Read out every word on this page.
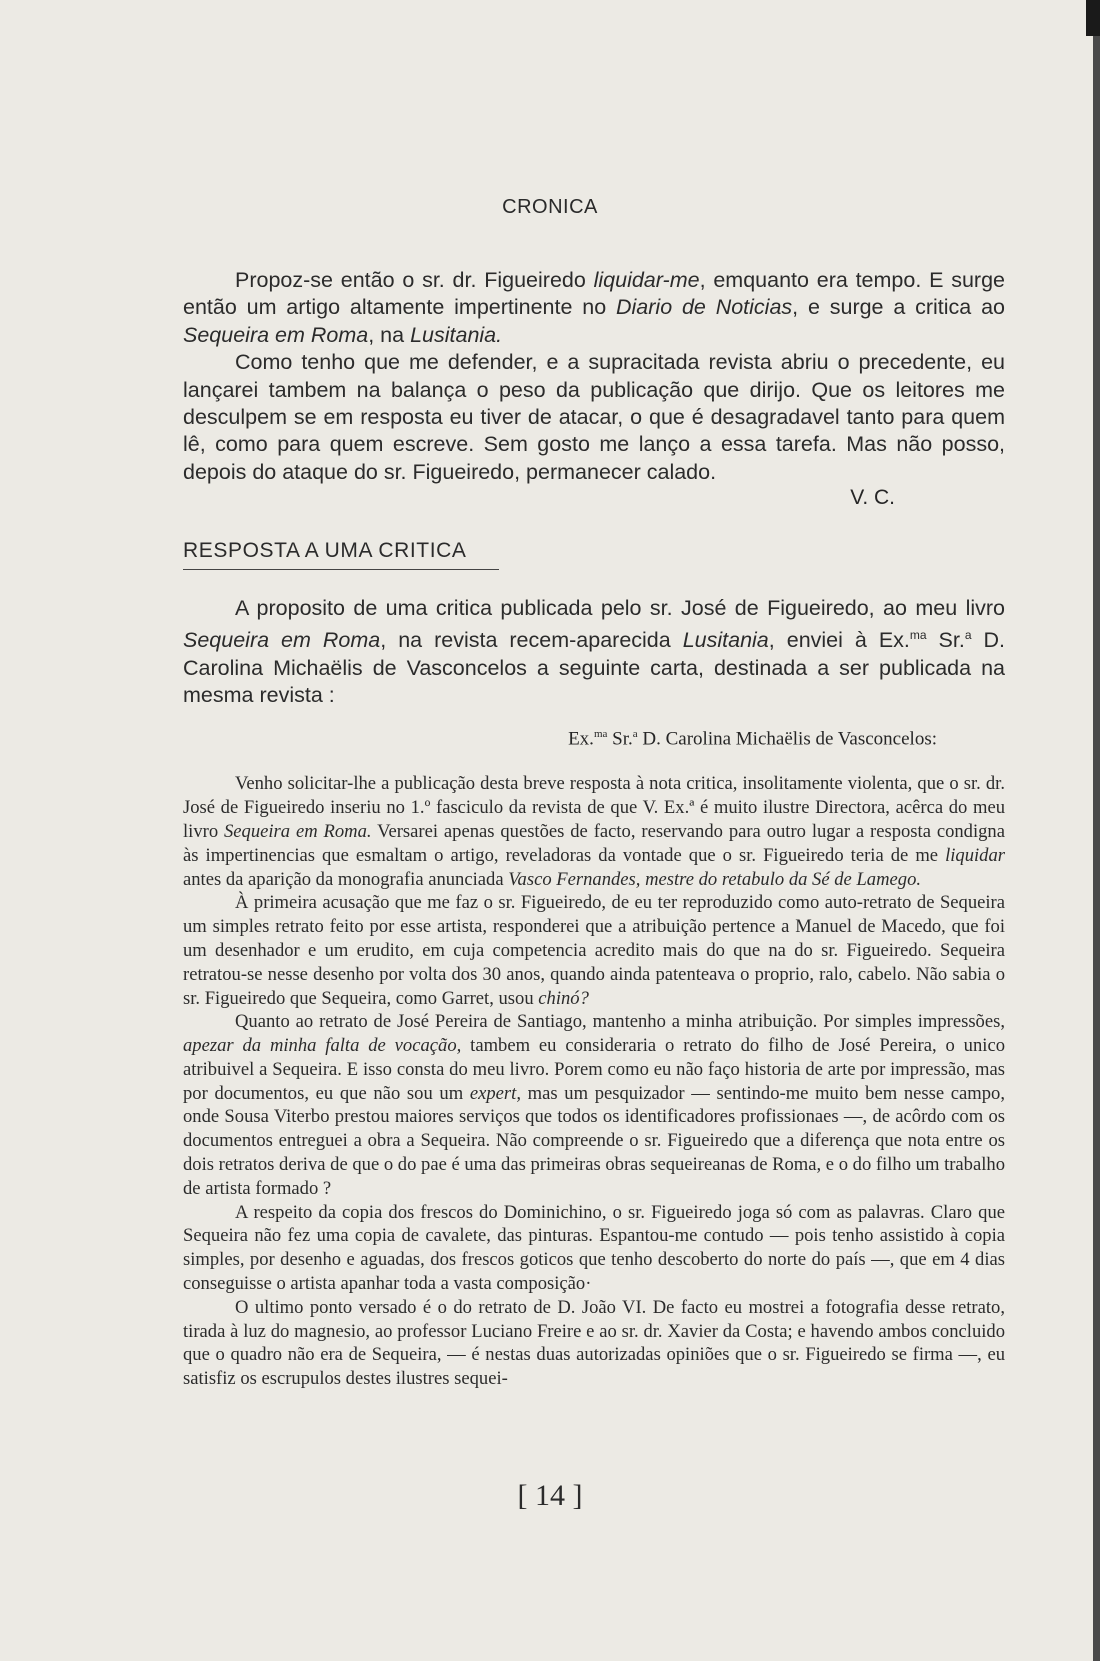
CRONICA

Propoz-se então o sr. dr. Figueiredo liquidar-me, emquanto era tempo. E surge então um artigo altamente impertinente no Diario de Noticias, e surge a critica ao Sequeira em Roma, na Lusitania.

Como tenho que me defender, e a supracitada revista abriu o precedente, eu lançarei tambem na balança o peso da publicação que dirijo. Que os leitores me desculpem se em resposta eu tiver de atacar, o que é desagradavel tanto para quem lê, como para quem escreve. Sem gosto me lanço a essa tarefa. Mas não posso, depois do ataque do sr. Figueiredo, permanecer calado.

V. C.
RESPOSTA A UMA CRITICA

A proposito de uma critica publicada pelo sr. José de Figueiredo, ao meu livro Sequeira em Roma, na revista recem-aparecida Lusitania, enviei à Ex.$^{ma}$ Sr.$^a$ D. Carolina Michaëlis de Vasconcelos a seguinte carta, destinada a ser publicada na mesma revista :

Ex.$^{ma}$ Sr.$^a$ D. Carolina Michaëlis de Vasconcelos:

Venho solicitar-lhe a publicação desta breve resposta à nota critica, insolitamente violenta, que o sr. dr. José de Figueiredo inseriu no 1.º fasciculo da revista de que V. Ex.ª é muito ilustre Directora, acêrca do meu livro Sequeira em Roma. Versarei apenas questões de facto, reservando para outro lugar a resposta condigna às impertinencias que esmaltam o artigo, reveladoras da vontade que o sr. Figueiredo teria de me liquidar antes da aparição da monografia anunciada Vasco Fernandes, mestre do retabulo da Sé de Lamego.

À primeira acusação que me faz o sr. Figueiredo, de eu ter reproduzido como auto-retrato de Sequeira um simples retrato feito por esse artista, responderei que a atribuição pertence a Manuel de Macedo, que foi um desenhador e um erudito, em cuja competencia acredito mais do que na do sr. Figueiredo. Sequeira retratou-se nesse desenho por volta dos 30 anos, quando ainda patenteava o proprio, ralo, cabelo. Não sabia o sr. Figueiredo que Sequeira, como Garret, usou chinó?

Quanto ao retrato de José Pereira de Santiago, mantenho a minha atribuição. Por simples impressões, apezar da minha falta de vocação, tambem eu consideraria o retrato do filho de José Pereira, o unico atribuivel a Sequeira. E isso consta do meu livro. Porem como eu não faço historia de arte por impressão, mas por documentos, eu que não sou um expert, mas um pesquizador — sentindo-me muito bem nesse campo, onde Sousa Viterbo prestou maiores serviços que todos os identificadores profissionaes —, de acôrdo com os documentos entreguei a obra a Sequeira. Não compreende o sr. Figueiredo que a diferença que nota entre os dois retratos deriva de que o do pae é uma das primeiras obras sequeireanas de Roma, e o do filho um trabalho de artista formado ?

A respeito da copia dos frescos do Dominichino, o sr. Figueiredo joga só com as palavras. Claro que Sequeira não fez uma copia de cavalete, das pinturas. Espantou-me contudo — pois tenho assistido à copia simples, por desenho e aguadas, dos frescos goticos que tenho descoberto do norte do país —, que em 4 dias conseguisse o artista apanhar toda a vasta composição·

O ultimo ponto versado é o do retrato de D. João VI. De facto eu mostrei a fotografia desse retrato, tirada à luz do magnesio, ao professor Luciano Freire e ao sr. dr. Xavier da Costa; e havendo ambos concluido que o quadro não era de Sequeira, — é nestas duas autorizadas opiniões que o sr. Figueiredo se firma —, eu satisfiz os escrupulos destes ilustres sequei-

[ 14 ]
